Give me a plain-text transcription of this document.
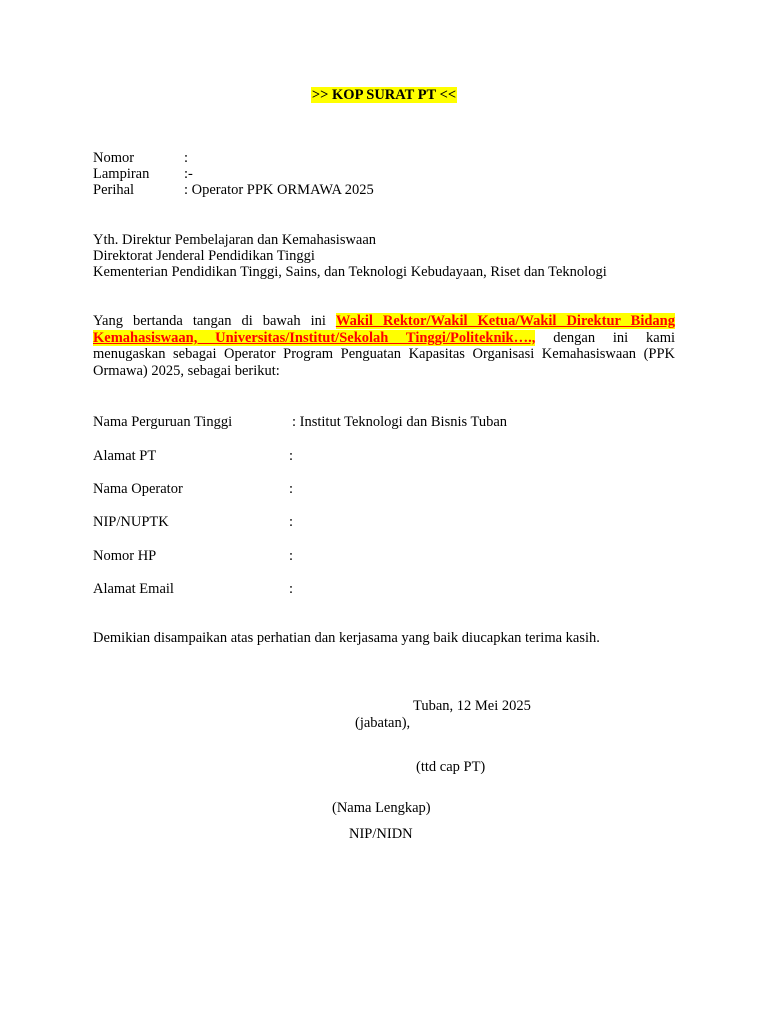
>> KOP SURAT PT <<
Nomor	:
Lampiran :-
Perihal	: Operator PPK ORMAWA 2025
Yth. Direktur Pembelajaran dan Kemahasiswaan
Direktorat Jenderal Pendidikan Tinggi
Kementerian Pendidikan Tinggi, Sains, dan Teknologi Kebudayaan, Riset dan Teknologi
Yang bertanda tangan di bawah ini Wakil Rektor/Wakil Ketua/Wakil Direktur Bidang Kemahasiswaan, Universitas/Institut/Sekolah Tinggi/Politeknik…., dengan ini kami menugaskan sebagai Operator Program Penguatan Kapasitas Organisasi Kemahasiswaan (PPK Ormawa) 2025, sebagai berikut:
Nama Perguruan Tinggi	: Institut Teknologi dan Bisnis Tuban
Alamat PT	:
Nama Operator	:
NIP/NUPTK	:
Nomor HP	:
Alamat Email	:
Demikian disampaikan atas perhatian dan kerjasama yang baik diucapkan terima kasih.
Tuban, 12 Mei 2025
(jabatan),
(ttd cap PT)
(Nama Lengkap)
NIP/NIDN
